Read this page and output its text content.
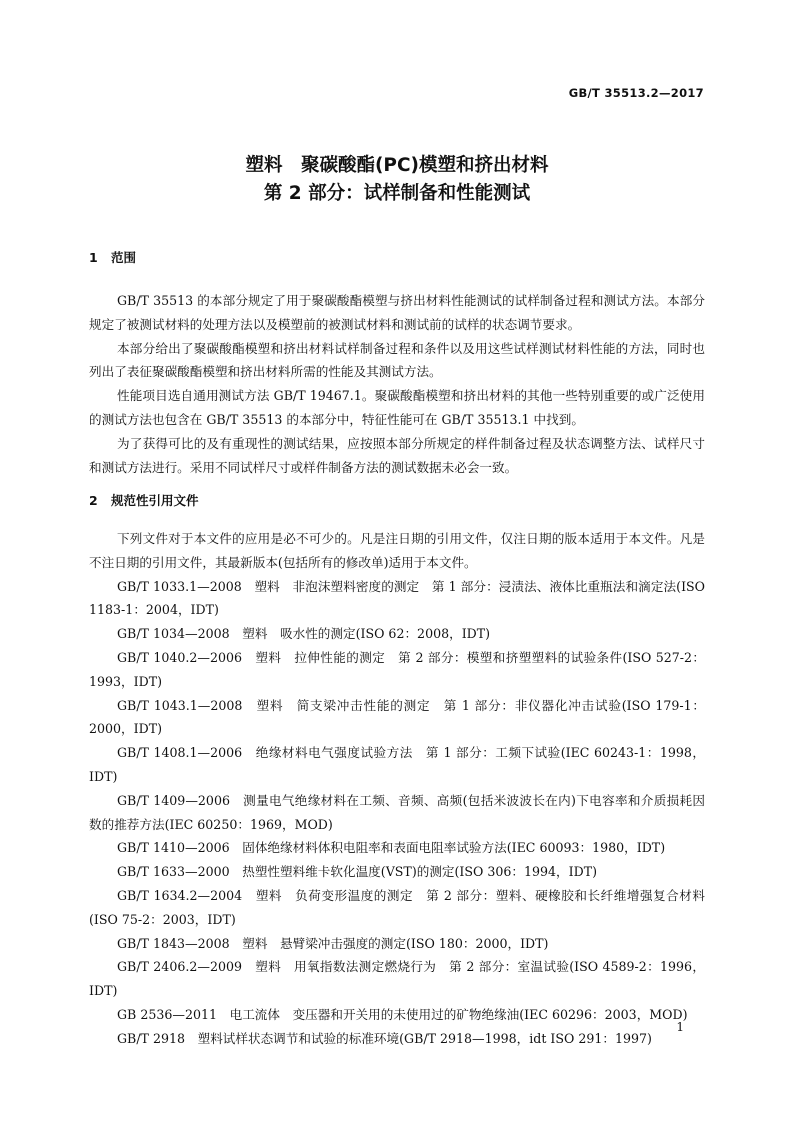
GB/T 35513.2—2017
塑料　聚碳酸酯(PC)模塑和挤出材料
第 2 部分：试样制备和性能测试
1 范围

GB/T 35513 的本部分规定了用于聚碳酸酯模塑与挤出材料性能测试的试样制备过程和测试方法。本部分规定了被测试材料的处理方法以及模塑前的被测试材料和测试前的试样的状态调节要求。

本部分给出了聚碳酸酯模塑和挤出材料试样制备过程和条件以及用这些试样测试材料性能的方法，同时也列出了表征聚碳酸酯模塑和挤出材料所需的性能及其测试方法。

性能项目选自通用测试方法 GB/T 19467.1。聚碳酸酯模塑和挤出材料的其他一些特别重要的或广泛使用的测试方法也包含在 GB/T 35513 的本部分中，特征性能可在 GB/T 35513.1 中找到。

为了获得可比的及有重现性的测试结果，应按照本部分所规定的样件制备过程及状态调整方法、试样尺寸和测试方法进行。采用不同试样尺寸或样件制备方法的测试数据未必会一致。

2 规范性引用文件

下列文件对于本文件的应用是必不可少的。凡是注日期的引用文件，仅注日期的版本适用于本文件。凡是不注日期的引用文件，其最新版本(包括所有的修改单)适用于本文件。

GB/T 1033.1—2008　塑料　非泡沫塑料密度的测定　第 1 部分：浸渍法、液体比重瓶法和滴定法(ISO 1183-1：2004，IDT)

GB/T 1034—2008　塑料　吸水性的测定(ISO 62：2008，IDT)

GB/T 1040.2—2006　塑料　拉伸性能的测定　第 2 部分：模塑和挤塑塑料的试验条件(ISO 527-2：1993，IDT)

GB/T 1043.1—2008　塑料　简支梁冲击性能的测定　第 1 部分：非仪器化冲击试验(ISO 179-1：2000，IDT)

GB/T 1408.1—2006　绝缘材料电气强度试验方法　第 1 部分：工频下试验(IEC 60243-1：1998，IDT)

GB/T 1409—2006　测量电气绝缘材料在工频、音频、高频(包括米波波长在内)下电容率和介质损耗因数的推荐方法(IEC 60250：1969，MOD)

GB/T 1410—2006　固体绝缘材料体积电阻率和表面电阻率试验方法(IEC 60093：1980，IDT)

GB/T 1633—2000　热塑性塑料维卡软化温度(VST)的测定(ISO 306：1994，IDT)

GB/T 1634.2—2004　塑料　负荷变形温度的测定　第 2 部分：塑料、硬橡胶和长纤维增强复合材料(ISO 75-2：2003，IDT)

GB/T 1843—2008　塑料　悬臂梁冲击强度的测定(ISO 180：2000，IDT)

GB/T 2406.2—2009　塑料　用氧指数法测定燃烧行为　第 2 部分：室温试验(ISO 4589-2：1996，IDT)

GB 2536—2011　电工流体　变压器和开关用的未使用过的矿物绝缘油(IEC 60296：2003，MOD)

GB/T 2918　塑料试样状态调节和试验的标准环境(GB/T 2918—1998，idt ISO 291：1997)

1
